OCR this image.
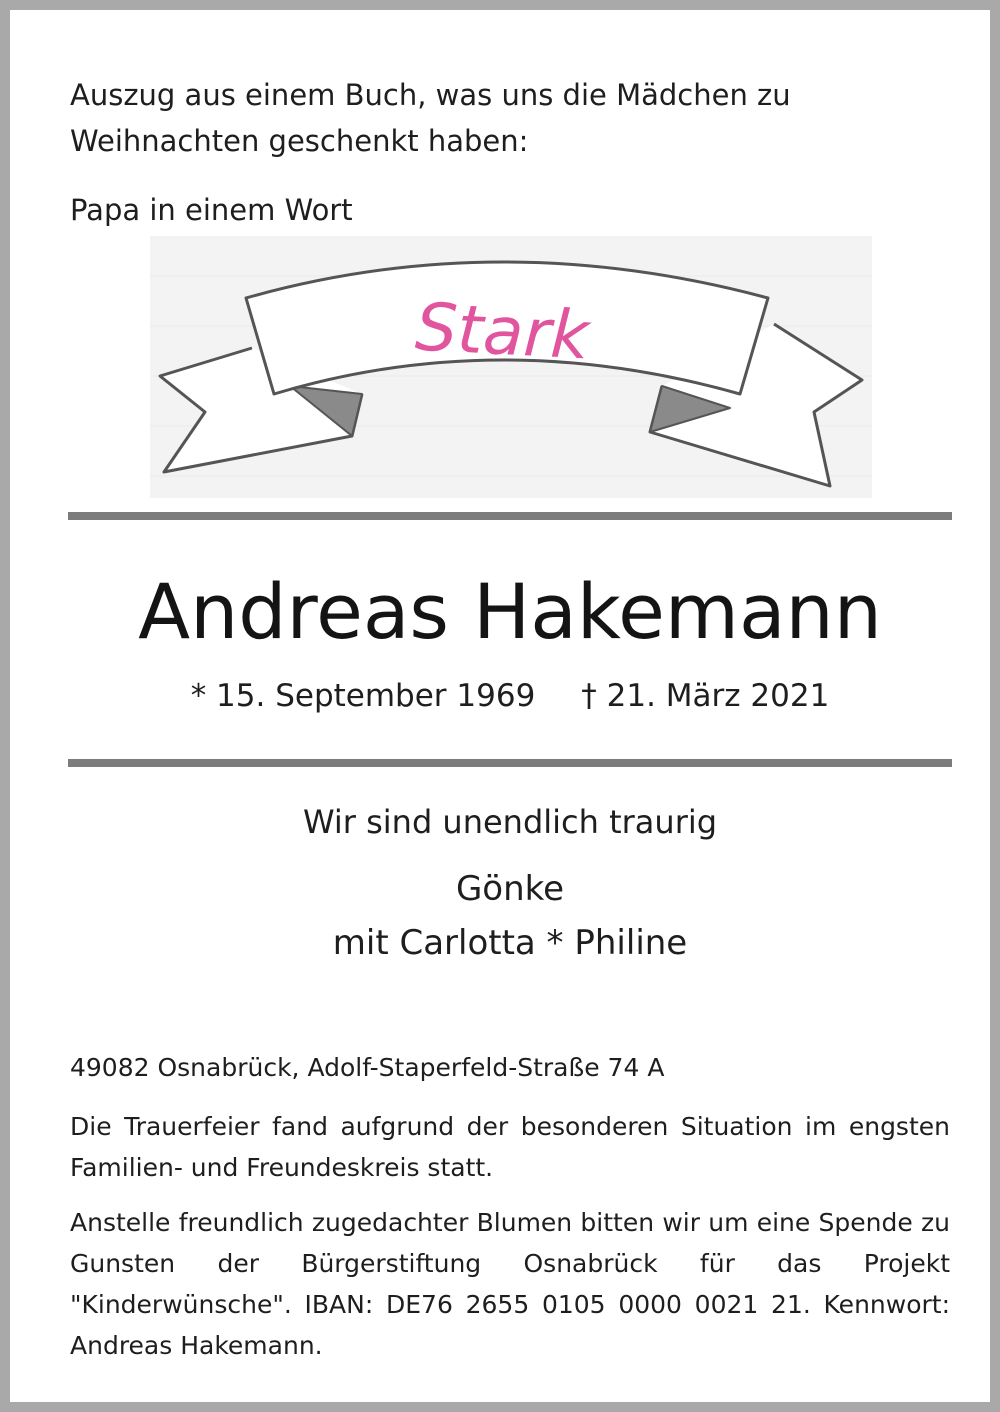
Auszug aus einem Buch, was uns die Mädchen zu
Weihnachten geschenkt haben:

Papa in einem Wort

Stark

Andreas Hakemann

* 15. September 1969 † 21. März 2021

Wir sind unendlich traurig

Gönke

mit Carlotta * Philine

49082 Osnabrück, Adolf-Staperfeld-Straße 74 A

Die Trauerfeier fand aufgrund der besonderen Situation im engsten Familien- und Freundeskreis statt.

Anstelle freundlich zugedachter Blumen bitten wir um eine Spende zu Gunsten der Bürgerstiftung Osnabrück für das Projekt "Kinderwünsche". IBAN: DE76 2655 0105 0000 0021 21. Kennwort: Andreas Hakemann.
